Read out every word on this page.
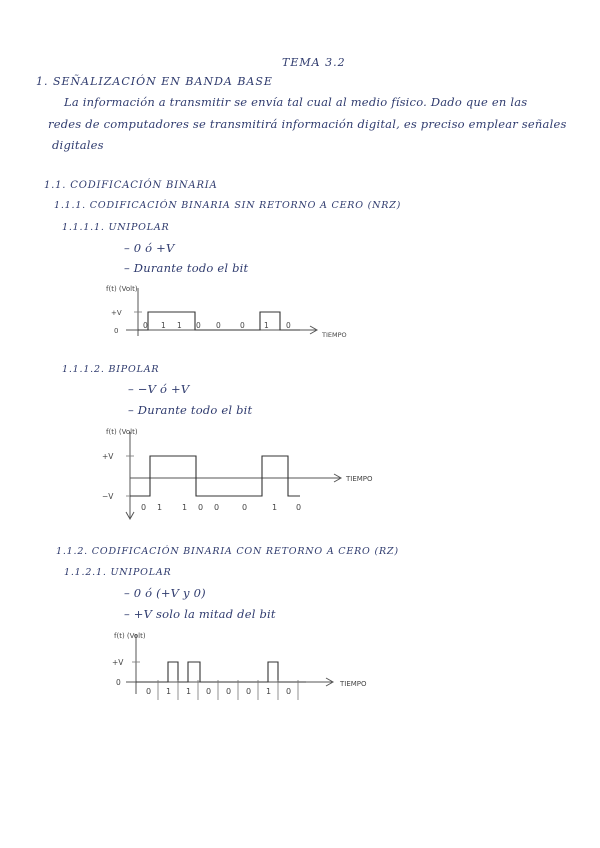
TEMA 3.2
1. SEÑALIZACIÓN EN BANDA BASE
La información a transmitir se envía tal cual al medio físico. Dado que en las
redes de computadores se transmitirá información digital, es preciso emplear señales
digitales
1.1. CODIFICACIÓN BINARIA
1.1.1. CODIFICACIÓN BINARIA SIN RETORNO A CERO (NRZ)
1.1.1.1. UNIPOLAR
– 0 ó +V
– Durante todo el bit
f(t) (Volt)
+V
0	TIEMPO
0 1 1 0 0	0	1 0
1.1.1.2. BIPOLAR
– −V ó +V
– Durante todo el bit
f(t) (Volt)
+V
−V
TIEMPO
0 1 1 0 0	0	1 0
1.1.2. CODIFICACIÓN BINARIA CON RETORNO A CERO (RZ)
1.1.2.1. UNIPOLAR
– 0 ó (+V y 0)
– +V solo la mitad del bit
f(t) (Volt)
+V
0	TIEMPO
0 1 1 0 0 0 1 0
